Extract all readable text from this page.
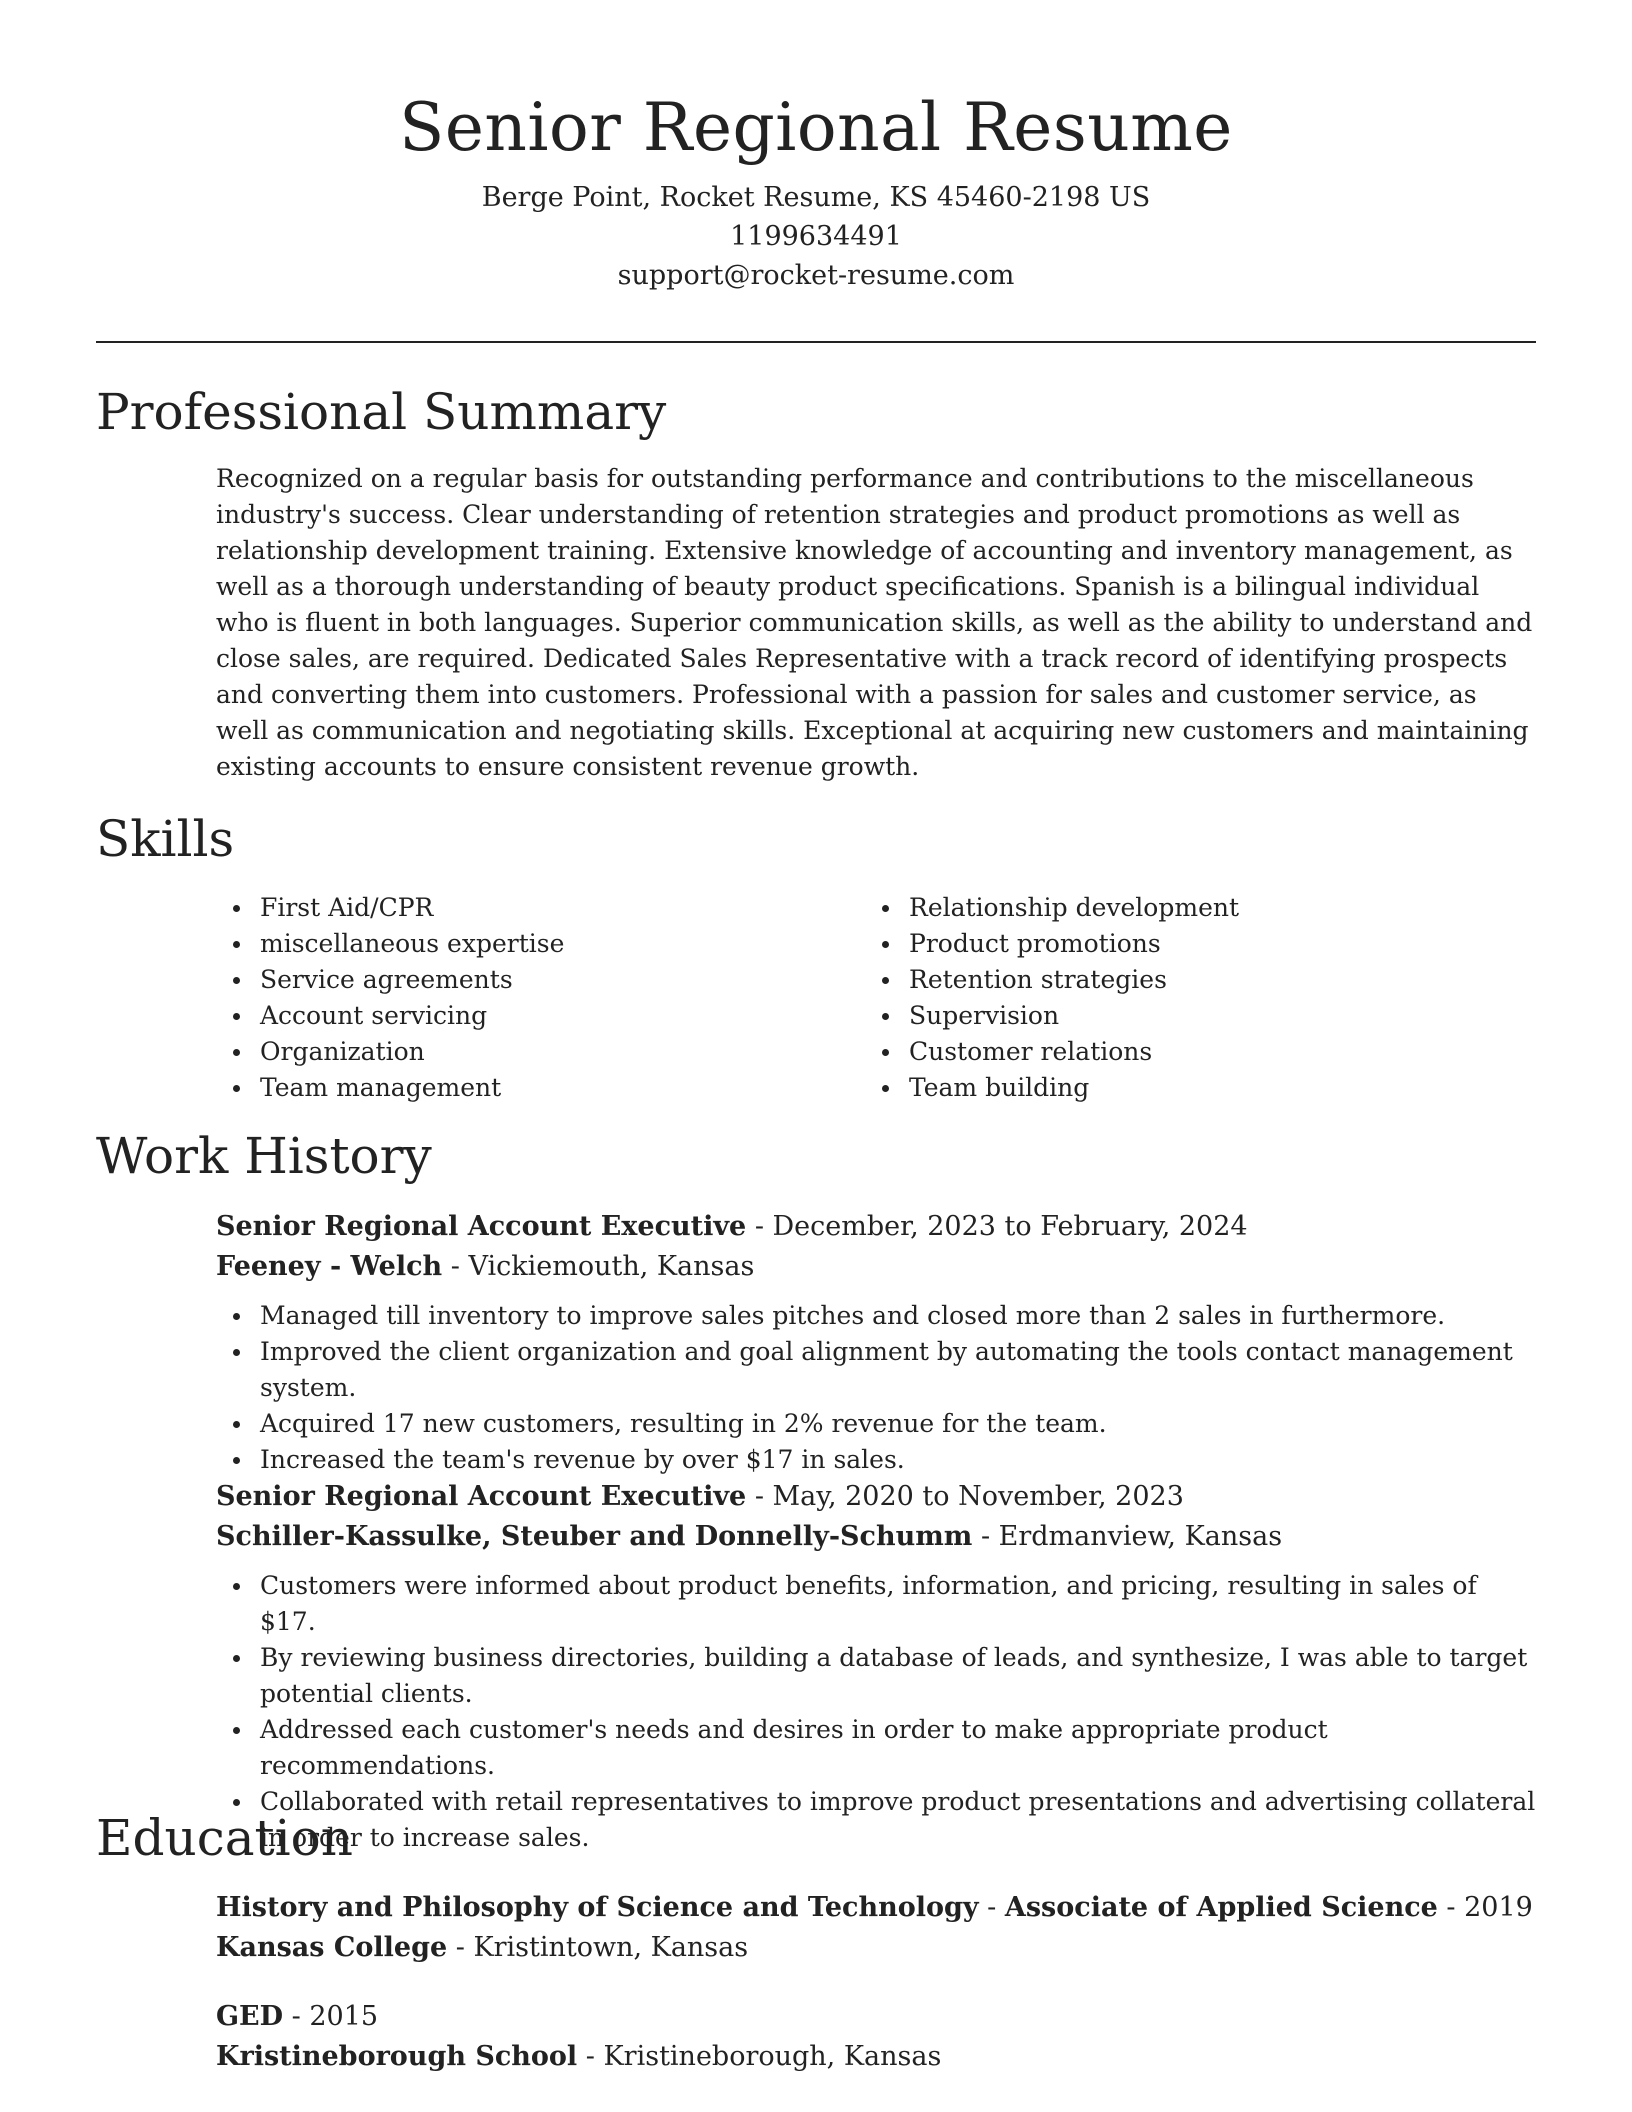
Senior Regional Resume
Berge Point, Rocket Resume, KS 45460-2198 US
1199634491
support@rocket-resume.com
Professional Summary

Recognized on a regular basis for outstanding performance and contributions to the miscellaneous industry's success. Clear understanding of retention strategies and product promotions as well as relationship development training. Extensive knowledge of accounting and inventory management, as well as a thorough understanding of beauty product specifications. Spanish is a bilingual individual who is fluent in both languages. Superior communication skills, as well as the ability to understand and close sales, are required. Dedicated Sales Representative with a track record of identifying prospects and converting them into customers. Professional with a passion for sales and customer service, as well as communication and negotiating skills. Exceptional at acquiring new customers and maintaining existing accounts to ensure consistent revenue growth.

Skills
First Aid/CPR
miscellaneous expertise
Service agreements
Account servicing
Organization
Team management
Relationship development
Product promotions
Retention strategies
Supervision
Customer relations
Team building
Work History
Senior Regional Account Executive - December, 2023 to February, 2024
Feeney - Welch - Vickiemouth, Kansas
Managed till inventory to improve sales pitches and closed more than 2 sales in furthermore.
Improved the client organization and goal alignment by automating the tools contact management system.
Acquired 17 new customers, resulting in 2% revenue for the team.
Increased the team's revenue by over $17 in sales.
Senior Regional Account Executive - May, 2020 to November, 2023
Schiller-Kassulke, Steuber and Donnelly-Schumm - Erdmanview, Kansas
Customers were informed about product benefits, information, and pricing, resulting in sales of $17.
By reviewing business directories, building a database of leads, and synthesize, I was able to target potential clients.
Addressed each customer's needs and desires in order to make appropriate product recommendations.
Collaborated with retail representatives to improve product presentations and advertising collateral in order to increase sales.
Education
History and Philosophy of Science and Technology - Associate of Applied Science - 2019
Kansas College - Kristintown, Kansas
GED - 2015
Kristineborough School - Kristineborough, Kansas
